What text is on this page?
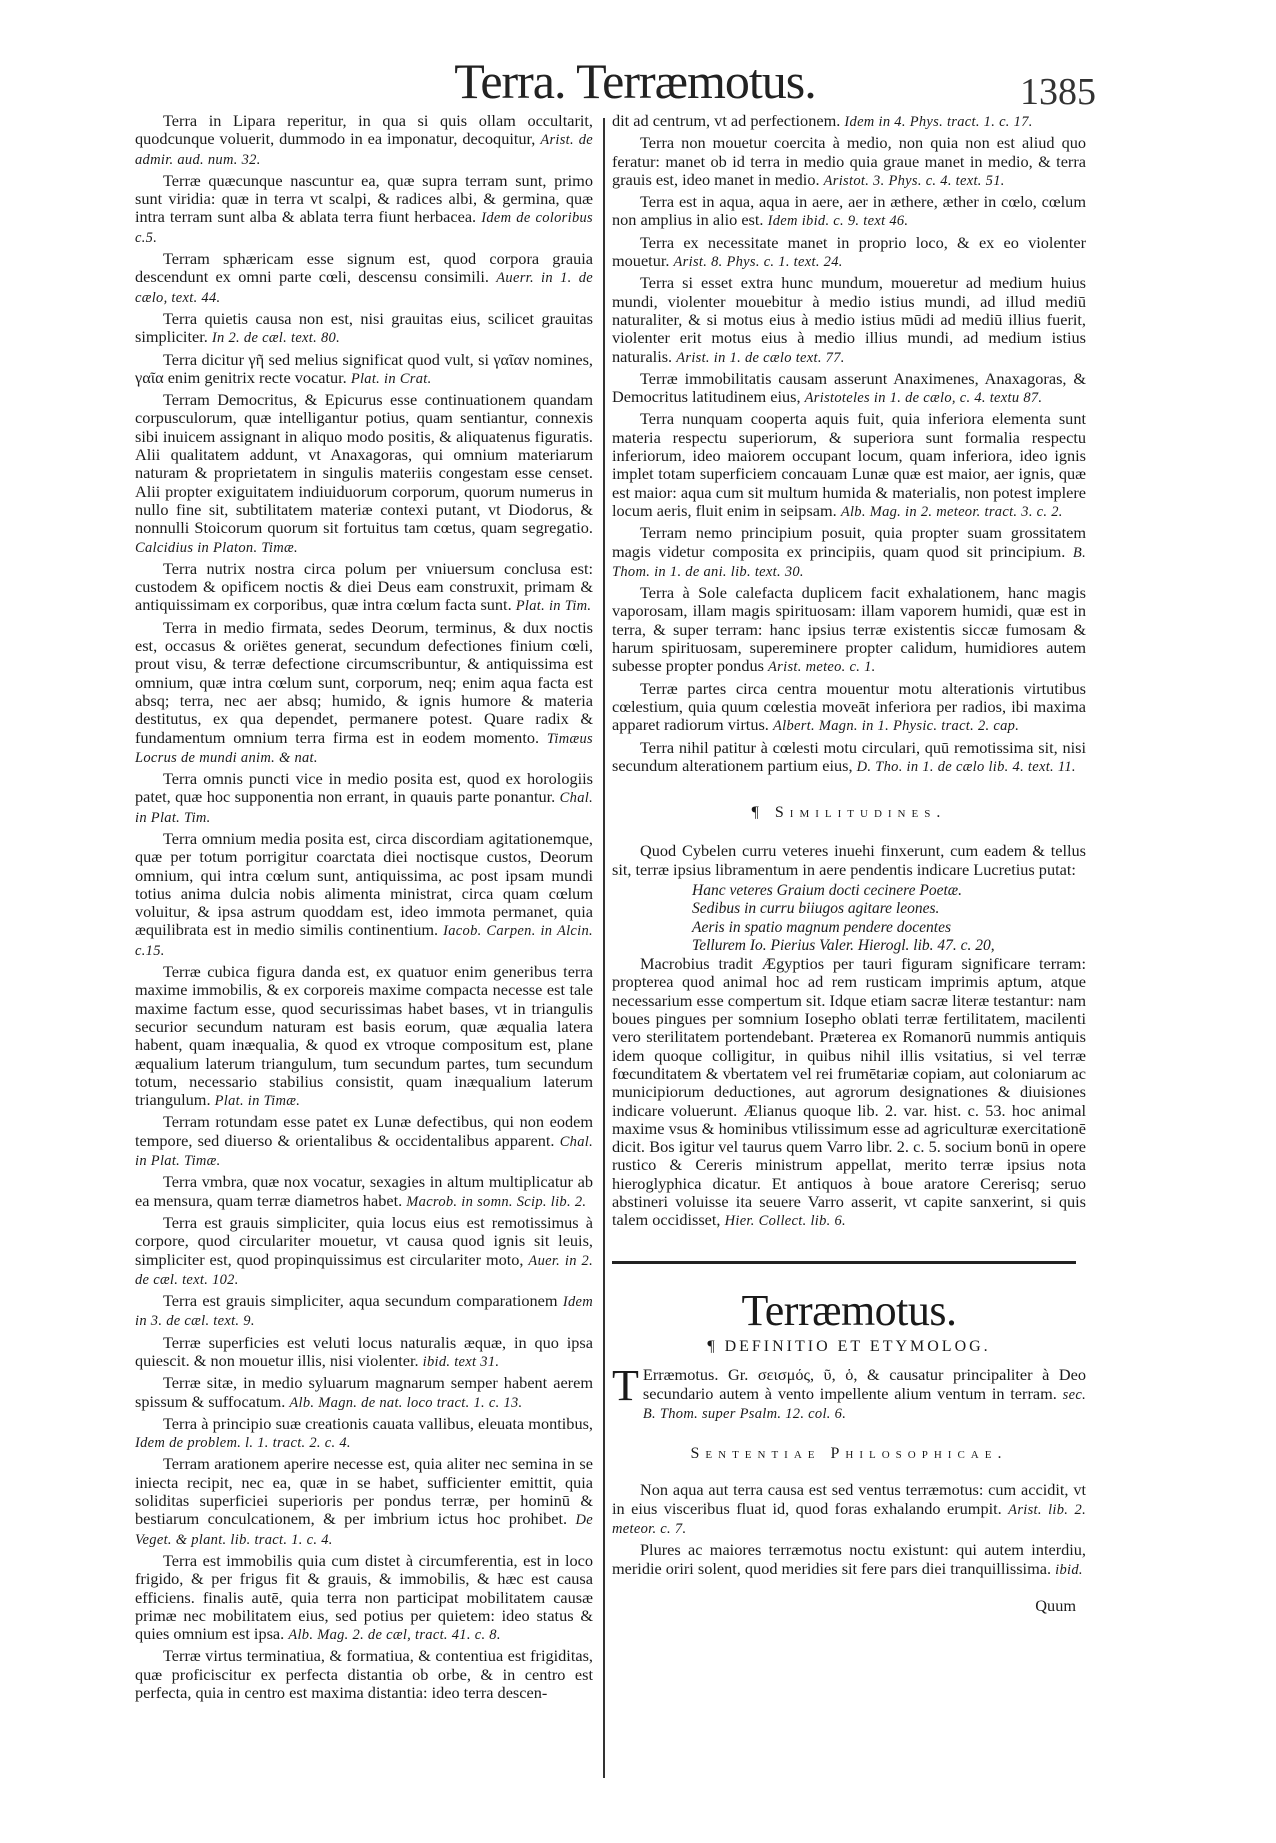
Terra. Terræmotus.	1385

Terra in Lipara reperitur, in qua si quis ollam occultarit, quodcunque voluerit, dummodo in ea imponatur, decoquitur, Arist. de admir. aud. num. 32.

Terræ quæcunque nascuntur ea, quæ supra terram sunt, primo sunt viridia: quæ in terra vt scalpi, & radices albi, & germina, quæ intra terram sunt alba & ablata terra fiunt herbacea. Idem de coloribus c.5.

Terram sphæricam esse signum est, quod corpora grauia descendunt ex omni parte cœli, descensu consimili. Auerr. in 1. de cælo, text. 44.

Terra quietis causa non est, nisi grauitas eius, scilicet grauitas simpliciter. In 2. de cæl. text. 80.

Terra dicitur γῆ sed melius significat quod vult, si γαῖαν nomines, γαῖα enim genitrix recte vocatur. Plat. in Crat.

Terram Democritus, & Epicurus esse continuationem quandam corpusculorum, quæ intelligantur potius, quam sentiantur, connexis sibi inuicem assignant in aliquo modo positis, & aliquatenus figuratis. Alii qualitatem addunt, vt Anaxagoras, qui omnium materiarum naturam & proprietatem in singulis materiis congestam esse censet. Alii propter exiguitatem indiuiduorum corporum, quorum numerus in nullo fine sit, subtilitatem materiæ contexi putant, vt Diodorus, & nonnulli Stoicorum quorum sit fortuitus tam cœtus, quam segregatio. Calcidius in Platon. Timæ.

Terra nutrix nostra circa polum per vniuersum conclusa est: custodem & opificem noctis & diei Deus eam construxit, primam & antiquissimam ex corporibus, quæ intra cœlum facta sunt. Plat. in Tim.

Terra in medio firmata, sedes Deorum, terminus, & dux noctis est, occasus & oriëtes generat, secundum defectiones finium cœli, prout visu, & terræ defectione circumscribuntur, & antiquissima est omnium, quæ intra cœlum sunt, corporum, neq; enim aqua facta est absq; terra, nec aer absq; humido, & ignis humore & materia destitutus, ex qua dependet, permanere potest. Quare radix & fundamentum omnium terra firma est in eodem momento. Timæus Locrus de mundi anim. & nat.

Terra omnis puncti vice in medio posita est, quod ex horologiis patet, quæ hoc supponentia non errant, in quauis parte ponantur. Chal. in Plat. Tim.

Terra omnium media posita est, circa discordiam agitationemque, quæ per totum porrigitur coarctata diei noctisque custos, Deorum omnium, qui intra cœlum sunt, antiquissima, ac post ipsam mundi totius anima dulcia nobis alimenta ministrat, circa quam cœlum voluitur, & ipsa astrum quoddam est, ideo immota permanet, quia æquilibrata est in medio similis continentium. Iacob. Carpen. in Alcin. c.15.

Terræ cubica figura danda est, ex quatuor enim generibus terra maxime immobilis, & ex corporeis maxime compacta necesse est tale maxime factum esse, quod securissimas habet bases, vt in triangulis securior secundum naturam est basis eorum, quæ æqualia latera habent, quam inæqualia, & quod ex vtroque compositum est, plane æqualium laterum triangulum, tum secundum partes, tum secundum totum, necessario stabilius consistit, quam inæqualium laterum triangulum. Plat. in Timæ.

Terram rotundam esse patet ex Lunæ defectibus, qui non eodem tempore, sed diuerso & orientalibus & occidentalibus apparent. Chal. in Plat. Timæ.

Terra vmbra, quæ nox vocatur, sexagies in altum multiplicatur ab ea mensura, quam terræ diametros habet. Macrob. in somn. Scip. lib. 2.

Terra est grauis simpliciter, quia locus eius est remotissimus à corpore, quod circulariter mouetur, vt causa quod ignis sit leuis, simpliciter est, quod propinquissimus est circulariter moto, Auer. in 2. de cæl. text. 102.

Terra est grauis simpliciter, aqua secundum comparationem Idem in 3. de cæl. text. 9.

Terræ superficies est veluti locus naturalis æquæ, in quo ipsa quiescit. & non mouetur illis, nisi violenter. ibid. text 31.

Terræ sitæ, in medio syluarum magnarum semper habent aerem spissum & suffocatum. Alb. Magn. de nat. loco tract. 1. c. 13.

Terra à principio suæ creationis cauata vallibus, eleuata montibus, Idem de problem. l. 1. tract. 2. c. 4.

Terram arationem aperire necesse est, quia aliter nec semina in se iniecta recipit, nec ea, quæ in se habet, sufficienter emittit, quia soliditas superficiei superioris per pondus terræ, per hominū & bestiarum conculcationem, & per imbrium ictus hoc prohibet. De Veget. & plant. lib. tract. 1. c. 4.

Terra est immobilis quia cum distet à circumferentia, est in loco frigido, & per frigus fit & grauis, & immobilis, & hæc est causa efficiens. finalis autē, quia terra non participat mobilitatem causæ primæ nec mobilitatem eius, sed potius per quietem: ideo status & quies omnium est ipsa. Alb. Mag. 2. de cæl, tract. 41. c. 8.

Terræ virtus terminatiua, & formatiua, & contentiua est frigiditas, quæ proficiscitur ex perfecta distantia ob orbe, & in centro est perfecta, quia in centro est maxima distantia: ideo terra descen-

dit ad centrum, vt ad perfectionem. Idem in 4. Phys. tract. 1. c. 17.

Terra non mouetur coercita à medio, non quia non est aliud quo feratur: manet ob id terra in medio quia graue manet in medio, & terra grauis est, ideo manet in medio. Aristot. 3. Phys. c. 4. text. 51.

Terra est in aqua, aqua in aere, aer in æthere, æther in cœlo, cœlum non amplius in alio est. Idem ibid. c. 9. text 46.

Terra ex necessitate manet in proprio loco, & ex eo violenter mouetur. Arist. 8. Phys. c. 1. text. 24.

Terra si esset extra hunc mundum, moueretur ad medium huius mundi, violenter mouebitur à medio istius mundi, ad illud mediū naturaliter, & si motus eius à medio istius mūdi ad mediū illius fuerit, violenter erit motus eius à medio illius mundi, ad medium istius naturalis. Arist. in 1. de cælo text. 77.

Terræ immobilitatis causam asserunt Anaximenes, Anaxagoras, & Democritus latitudinem eius, Aristoteles in 1. de cælo, c. 4. textu 87.

Terra nunquam cooperta aquis fuit, quia inferiora elementa sunt materia respectu superiorum, & superiora sunt formalia respectu inferiorum, ideo maiorem occupant locum, quam inferiora, ideo ignis implet totam superficiem concauam Lunæ quæ est maior, aer ignis, quæ est maior: aqua cum sit multum humida & materialis, non potest implere locum aeris, fluit enim in seipsam. Alb. Mag. in 2. meteor. tract. 3. c. 2.

Terram nemo principium posuit, quia propter suam grossitatem magis videtur composita ex principiis, quam quod sit principium. B. Thom. in 1. de ani. lib. text. 30.

Terra à Sole calefacta duplicem facit exhalationem, hanc magis vaporosam, illam magis spirituosam: illam vaporem humidi, quæ est in terra, & super terram: hanc ipsius terræ existentis siccæ fumosam & harum spirituosam, supereminere propter calidum, humidiores autem subesse propter pondus Arist. meteo. c. 1.

Terræ partes circa centra mouentur motu alterationis virtutibus cœlestium, quia quum cœlestia moveāt inferiora per radios, ibi maxima apparet radiorum virtus. Albert. Magn. in 1. Physic. tract. 2. cap.

Terra nihil patitur à cœlesti motu circulari, quū remotissima sit, nisi secundum alterationem partium eius, D. Tho. in 1. de cælo lib. 4. text. 11.

¶ Similitudines.

Quod Cybelen curru veteres inuehi finxerunt, cum eadem & tellus sit, terræ ipsius libramentum in aere pendentis indicare Lucretius putat:

Hanc veteres Graium docti cecinere Poetæ.
Sedibus in curru biiugos agitare leones.
Aeris in spatio magnum pendere docentes
Tellurem Io. Pierius Valer. Hierogl. lib. 47. c. 20,

Macrobius tradit Ægyptios per tauri figuram significare terram: propterea quod animal hoc ad rem rusticam imprimis aptum, atque necessarium esse compertum sit. Idque etiam sacræ literæ testantur: nam boues pingues per somnium Iosepho oblati terræ fertilitatem, macilenti vero sterilitatem portendebant. Præterea ex Romanorū nummis antiquis idem quoque colligitur, in quibus nihil illis vsitatius, si vel terræ fœcunditatem & vbertatem vel rei frumētariæ copiam, aut coloniarum ac municipiorum deductiones, aut agrorum designationes & diuisiones indicare voluerunt. Ælianus quoque lib. 2. var. hist. c. 53. hoc animal maxime vsus & hominibus vtilissimum esse ad agriculturæ exercitationē dicit. Bos igitur vel taurus quem Varro libr. 2. c. 5. socium bonū in opere rustico & Cereris ministrum appellat, merito terræ ipsius nota hieroglyphica dicatur. Et antiquos à boue aratore Cererisq; seruo abstineri voluisse ita seuere Varro asserit, vt capite sanxerint, si quis talem occidisset, Hier. Collect. lib. 6.

Terræmotus.
¶ DEFINITIO ET ETYMOLOG.

T Erræmotus. Gr. σεισμός, ῦ, ὁ, & causatur principaliter à Deo secundario autem à vento impellente alium ventum in terram. sec. B. Thom. super Psalm. 12. col. 6.

Sententiae Philosophicae.

Non aqua aut terra causa est sed ventus terræmotus: cum accidit, vt in eius visceribus fluat id, quod foras exhalando erumpit. Arist. lib. 2. meteor. c. 7.

Plures ac maiores terræmotus noctu existunt: qui autem interdiu, meridie oriri solent, quod meridies sit fere pars diei tranquillissima. ibid.

Quum
